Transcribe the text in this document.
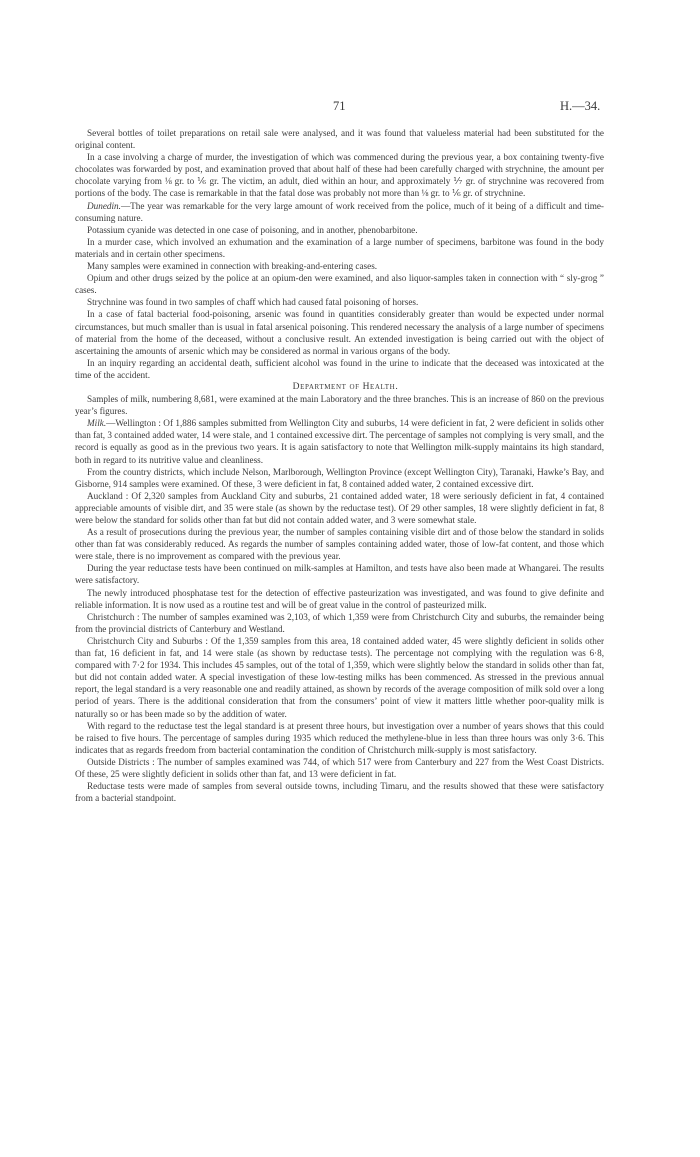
71	H.—34.

Several bottles of toilet preparations on retail sale were analysed, and it was found that valueless material had been substituted for the original content.

In a case involving a charge of murder, the investigation of which was commenced during the previous year, a box containing twenty-five chocolates was forwarded by post, and examination proved that about half of these had been carefully charged with strychnine, the amount per chocolate varying from ⅛ gr. to ⅙ gr. The victim, an adult, died within an hour, and approximately ⅐ gr. of strychnine was recovered from portions of the body. The case is remarkable in that the fatal dose was probably not more than ⅛ gr. to ⅙ gr. of strychnine.

Dunedin.—The year was remarkable for the very large amount of work received from the police, much of it being of a difficult and time-consuming nature.

Potassium cyanide was detected in one case of poisoning, and in another, phenobarbitone.

In a murder case, which involved an exhumation and the examination of a large number of specimens, barbitone was found in the body materials and in certain other specimens.

Many samples were examined in connection with breaking-and-entering cases.

Opium and other drugs seized by the police at an opium-den were examined, and also liquor-samples taken in connection with “ sly-grog ” cases.

Strychnine was found in two samples of chaff which had caused fatal poisoning of horses.

In a case of fatal bacterial food-poisoning, arsenic was found in quantities considerably greater than would be expected under normal circumstances, but much smaller than is usual in fatal arsenical poisoning. This rendered necessary the analysis of a large number of specimens of material from the home of the deceased, without a conclusive result. An extended investigation is being carried out with the object of ascertaining the amounts of arsenic which may be considered as normal in various organs of the body.

In an inquiry regarding an accidental death, sufficient alcohol was found in the urine to indicate that the deceased was intoxicated at the time of the accident.

Department of Health.

Samples of milk, numbering 8,681, were examined at the main Laboratory and the three branches. This is an increase of 860 on the previous year’s figures.

Milk.—Wellington : Of 1,886 samples submitted from Wellington City and suburbs, 14 were deficient in fat, 2 were deficient in solids other than fat, 3 contained added water, 14 were stale, and 1 contained excessive dirt. The percentage of samples not complying is very small, and the record is equally as good as in the previous two years. It is again satisfactory to note that Wellington milk-supply maintains its high standard, both in regard to its nutritive value and cleanliness.

From the country districts, which include Nelson, Marlborough, Wellington Province (except Wellington City), Taranaki, Hawke’s Bay, and Gisborne, 914 samples were examined. Of these, 3 were deficient in fat, 8 contained added water, 2 contained excessive dirt.

Auckland : Of 2,320 samples from Auckland City and suburbs, 21 contained added water, 18 were seriously deficient in fat, 4 contained appreciable amounts of visible dirt, and 35 were stale (as shown by the reductase test). Of 29 other samples, 18 were slightly deficient in fat, 8 were below the standard for solids other than fat but did not contain added water, and 3 were somewhat stale.

As a result of prosecutions during the previous year, the number of samples containing visible dirt and of those below the standard in solids other than fat was considerably reduced. As regards the number of samples containing added water, those of low-fat content, and those which were stale, there is no improvement as compared with the previous year.

During the year reductase tests have been continued on milk-samples at Hamilton, and tests have also been made at Whangarei. The results were satisfactory.

The newly introduced phosphatase test for the detection of effective pasteurization was investigated, and was found to give definite and reliable information. It is now used as a routine test and will be of great value in the control of pasteurized milk.

Christchurch : The number of samples examined was 2,103, of which 1,359 were from Christchurch City and suburbs, the remainder being from the provincial districts of Canterbury and Westland.

Christchurch City and Suburbs : Of the 1,359 samples from this area, 18 contained added water, 45 were slightly deficient in solids other than fat, 16 deficient in fat, and 14 were stale (as shown by reductase tests). The percentage not complying with the regulation was 6·8, compared with 7·2 for 1934. This includes 45 samples, out of the total of 1,359, which were slightly below the standard in solids other than fat, but did not contain added water. A special investigation of these low-testing milks has been commenced. As stressed in the previous annual report, the legal standard is a very reasonable one and readily attained, as shown by records of the average composition of milk sold over a long period of years. There is the additional consideration that from the consumers’ point of view it matters little whether poor-quality milk is naturally so or has been made so by the addition of water.

With regard to the reductase test the legal standard is at present three hours, but investigation over a number of years shows that this could be raised to five hours. The percentage of samples during 1935 which reduced the methylene-blue in less than three hours was only 3·6. This indicates that as regards freedom from bacterial contamination the condition of Christchurch milk-supply is most satisfactory.

Outside Districts : The number of samples examined was 744, of which 517 were from Canterbury and 227 from the West Coast Districts. Of these, 25 were slightly deficient in solids other than fat, and 13 were deficient in fat.

Reductase tests were made of samples from several outside towns, including Timaru, and the results showed that these were satisfactory from a bacterial standpoint.
